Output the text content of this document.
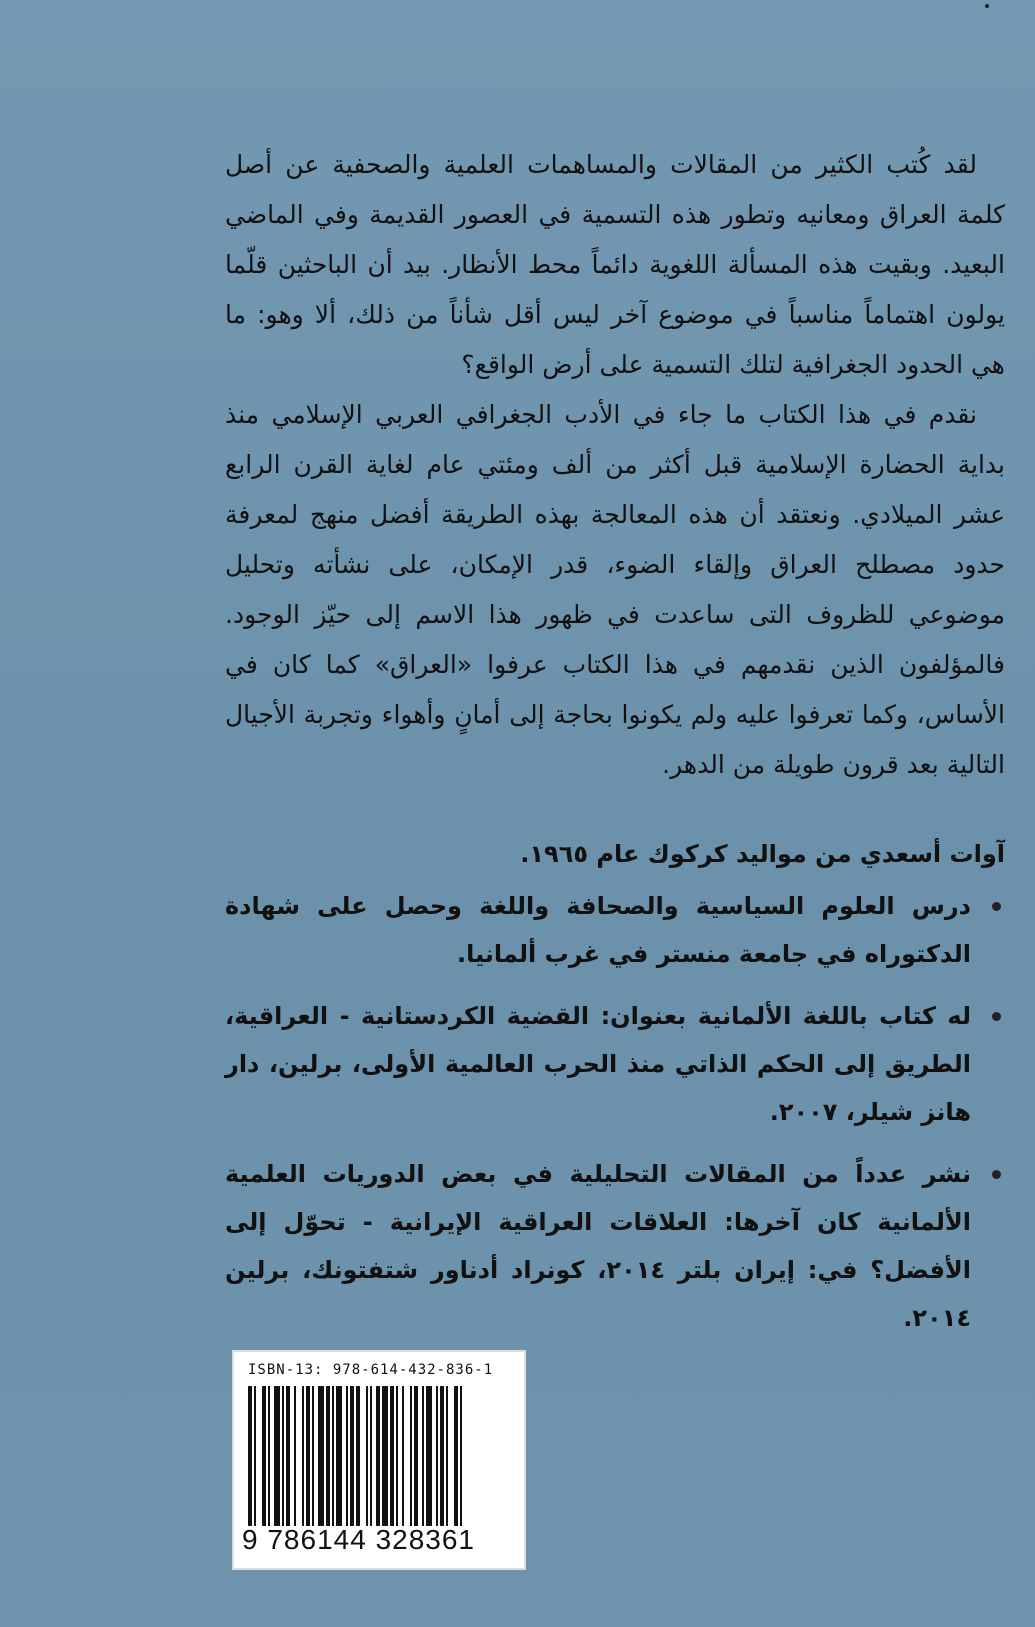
لقد كُتب الكثير من المقالات والمساهمات العلمية والصحفية عن أصل كلمة العراق ومعانيه وتطور هذه التسمية في العصور القديمة وفي الماضي البعيد. وبقيت هذه المسألة اللغوية دائماً محط الأنظار. بيد أن الباحثين قلّما يولون اهتماماً مناسباً في موضوع آخر ليس أقل شأناً من ذلك، ألا وهو: ما هي الحدود الجغرافية لتلك التسمية على أرض الواقع؟

نقدم في هذا الكتاب ما جاء في الأدب الجغرافي العربي الإسلامي منذ بداية الحضارة الإسلامية قبل أكثر من ألف ومئتي عام لغاية القرن الرابع عشر الميلادي. ونعتقد أن هذه المعالجة بهذه الطريقة أفضل منهج لمعرفة حدود مصطلح العراق وإلقاء الضوء، قدر الإمكان، على نشأته وتحليل موضوعي للظروف التى ساعدت في ظهور هذا الاسم إلى حيّز الوجود. فالمؤلفون الذين نقدمهم في هذا الكتاب عرفوا «العراق» كما كان في الأساس، وكما تعرفوا عليه ولم يكونوا بحاجة إلى أمانٍ وأهواء وتجربة الأجيال التالية بعد قرون طويلة من الدهر.

آوات أسعدي من مواليد كركوك عام ١٩٦٥.

درس العلوم السياسية والصحافة واللغة وحصل على شهادة الدكتوراه في جامعة منستر في غرب ألمانيا.
له كتاب باللغة الألمانية بعنوان: القضية الكردستانية - العراقية، الطريق إلى الحكم الذاتي منذ الحرب العالمية الأولى، برلين، دار هانز شيلر، ٢٠٠٧.
نشر عدداً من المقالات التحليلية في بعض الدوريات العلمية الألمانية كان آخرها: العلاقات العراقية الإيرانية - تحوّل إلى الأفضل؟ في: إيران بلتر ٢٠١٤، كونراد أدناور شتفتونك، برلين ٢٠١٤.
ISBN-13: 978-614-432-836-1
9 786144 328361
